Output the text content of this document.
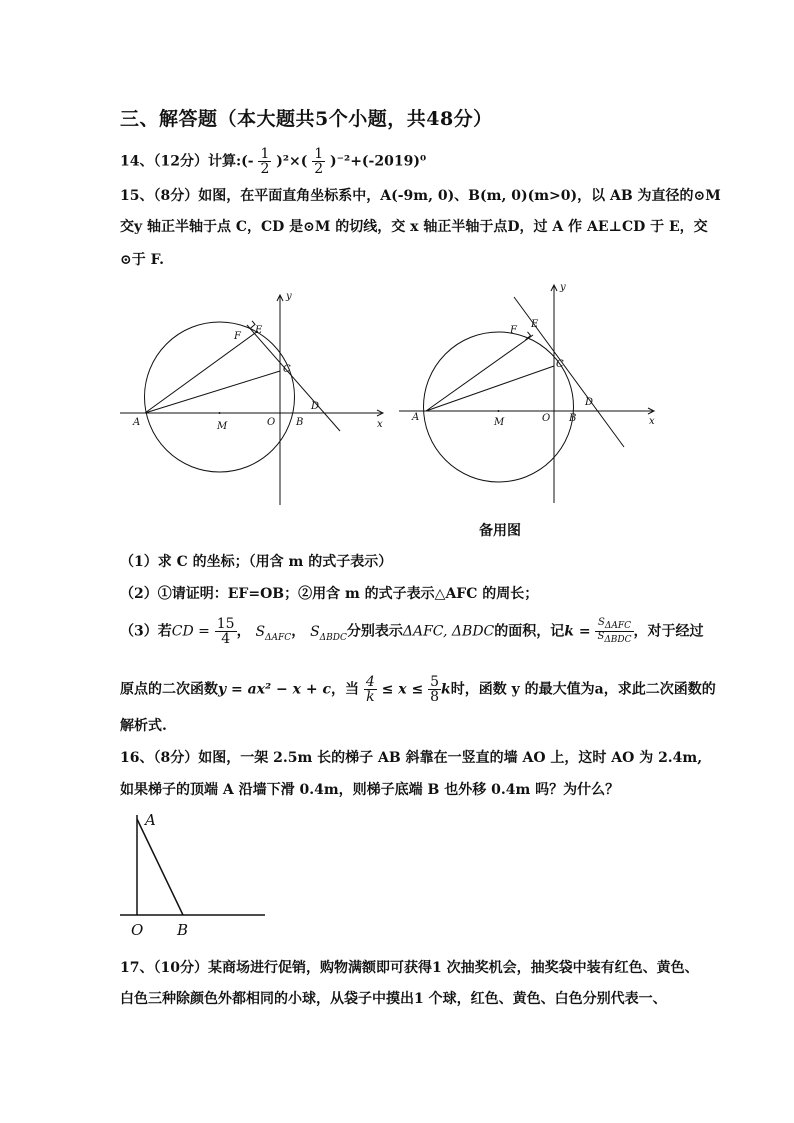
三、解答题（本大题共5个小题，共48分）
14、（12分）计算:(- $\frac{1}{2} )^2\times( \frac{1}{2} )^{-2}+(-2019)^0$
15、（8分）如图，在平面直角坐标系中，A(-9m, 0)、B(m, 0)(m>0)，以 AB 为直径的⊙M
交y 轴正半轴于点 C，CD 是⊙M 的切线，交 x 轴正半轴于点D，过 A 作 AE⊥CD 于 E，交
⊙于 F.
y
x
A	M	O B
C
D
E
F
y
x
A	M	O B
C
D
E
F
备用图
（1）求 C 的坐标；（用含 m 的式子表示）
（2）①请证明：EF=OB；②用含 m 的式子表示△AFC 的周长；
（3）若CD = $\frac{15}{4}$ ， $S_{\Delta AFC}$， $S_{\Delta BDC}$分别表示ΔAFC, ΔBDC的面积，记$k = \frac{S_{\Delta AFC}}{S_{\Delta BDC}}$ ，对于经过
原点的二次函数y = ax² − x + c，当 $\frac{4}{k} \le x \le \frac{5}{8}$ k时，函数 y 的最大值为a，求此二次函数的
解析式.
16、（8分）如图，一架 2.5m 长的梯子 AB 斜靠在一竖直的墙 AO 上，这时 AO 为 2.4m,
如果梯子的顶端 A 沿墙下滑 0.4m，则梯子底端 B 也外移 0.4m 吗？为什么？
A
O B
17、（10分）某商场进行促销，购物满额即可获得1 次抽奖机会，抽奖袋中装有红色、黄色、
白色三种除颜色外都相同的小球，从袋子中摸出1 个球，红色、黄色、白色分别代表一、
